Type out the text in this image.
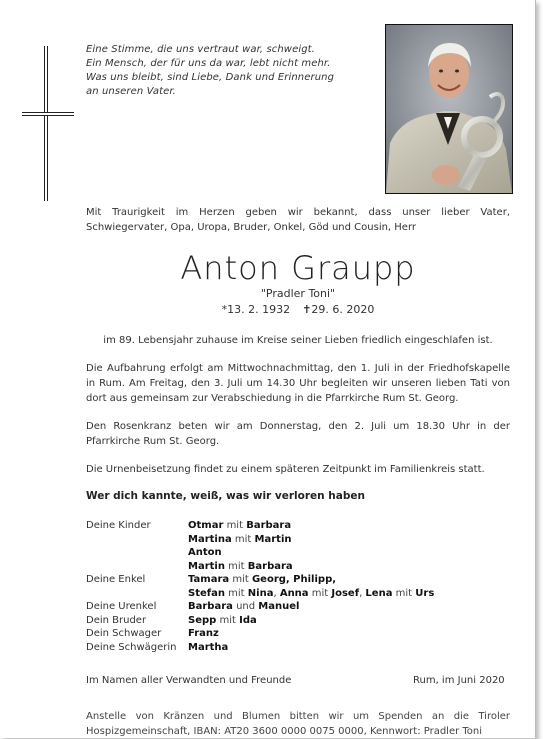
Eine Stimme, die uns vertraut war, schweigt.
Ein Mensch, der für uns da war, lebt nicht mehr.
Was uns bleibt, sind Liebe, Dank und Erinnerung
an unseren Vater.
Mit Traurigkeit im Herzen geben wir bekannt, dass unser lieber Vater, Schwiegervater, Opa, Uropa, Bruder, Onkel, Göd und Cousin, Herr
Anton Graupp
"Pradler Toni"
*13. 2. 1932 ✝29. 6. 2020
im 89. Lebensjahr zuhause im Kreise seiner Lieben friedlich eingeschlafen ist.
Die Aufbahrung erfolgt am Mittwochnachmittag, den 1. Juli in der Friedhofskapelle in Rum. Am Freitag, den 3. Juli um 14.30 Uhr begleiten wir unseren lieben Tati von dort aus gemeinsam zur Verabschiedung in die Pfarrkirche Rum St. Georg.
Den Rosenkranz beten wir am Donnerstag, den 2. Juli um 18.30 Uhr in der Pfarrkirche Rum St. Georg.
Die Urnenbeisetzung findet zu einem späteren Zeitpunkt im Familienkreis statt.
Wer dich kannte, weiß, was wir verloren haben
Deine Kinder	Otmar mit Barbara
Martina mit Martin
Anton
Martin mit Barbara
Deine Enkel	Tamara mit Georg, Philipp,
Stefan mit Nina, Anna mit Josef, Lena mit Urs
Deine Urenkel	Barbara und Manuel
Dein Bruder	Sepp mit Ida
Dein Schwager	Franz
Deine Schwägerin	Martha
Im Namen aller Verwandten und Freunde	Rum, im Juni 2020
Anstelle von Kränzen und Blumen bitten wir um Spenden an die Tiroler Hospizgemeinschaft, IBAN: AT20 3600 0000 0075 0000, Kennwort: Pradler Toni
